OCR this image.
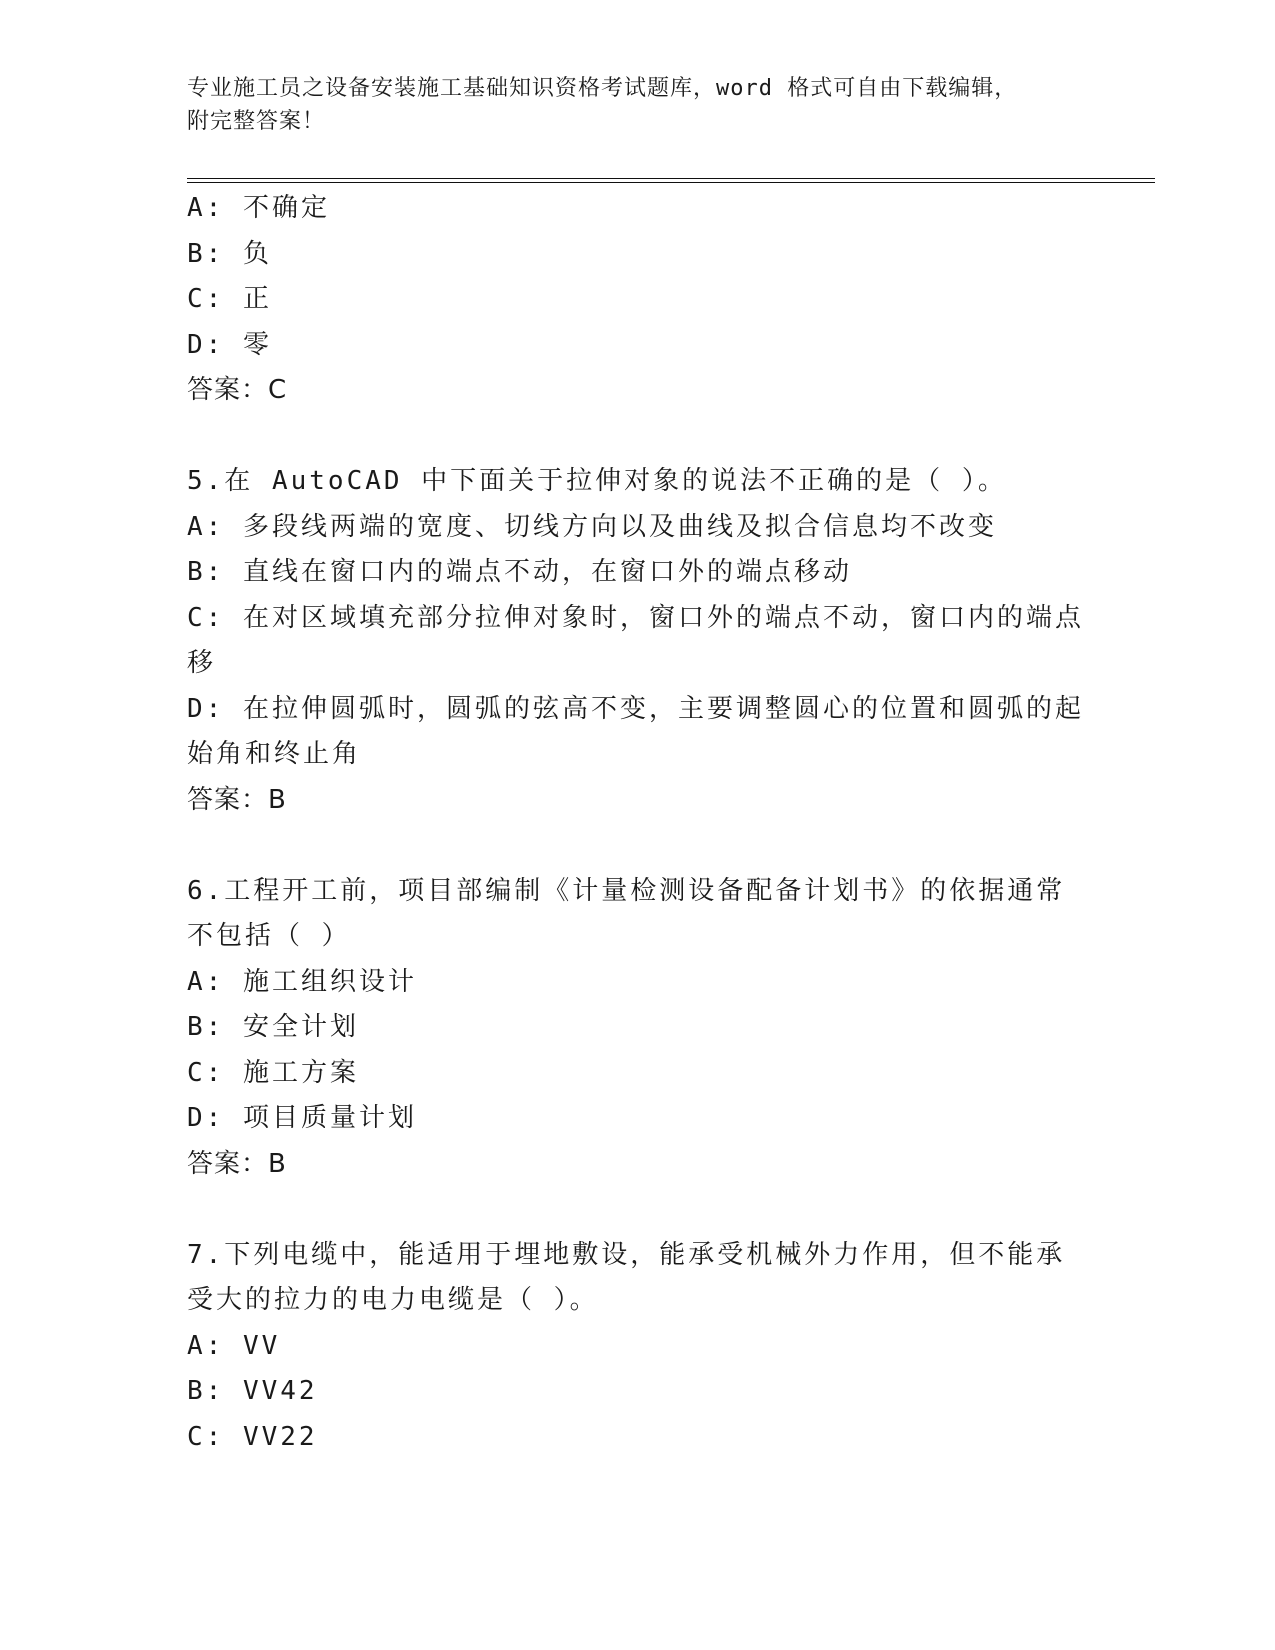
专业施工员之设备安装施工基础知识资格考试题库，word 格式可自由下载编辑，
附完整答案！
A: 不确定
B: 负
C: 正
D: 零
答案：C
5.在 AutoCAD 中下面关于拉伸对象的说法不正确的是（ ）。
A: 多段线两端的宽度、切线方向以及曲线及拟合信息均不改变
B: 直线在窗口内的端点不动，在窗口外的端点移动
C: 在对区域填充部分拉伸对象时，窗口外的端点不动，窗口内的端点
移
D: 在拉伸圆弧时，圆弧的弦高不变，主要调整圆心的位置和圆弧的起
始角和终止角
答案：B
6.工程开工前，项目部编制《计量检测设备配备计划书》的依据通常
不包括（ ）
A: 施工组织设计
B: 安全计划
C: 施工方案
D: 项目质量计划
答案：B
7.下列电缆中，能适用于埋地敷设，能承受机械外力作用，但不能承
受大的拉力的电力电缆是（ ）。
A: VV
B: VV42
C: VV22
